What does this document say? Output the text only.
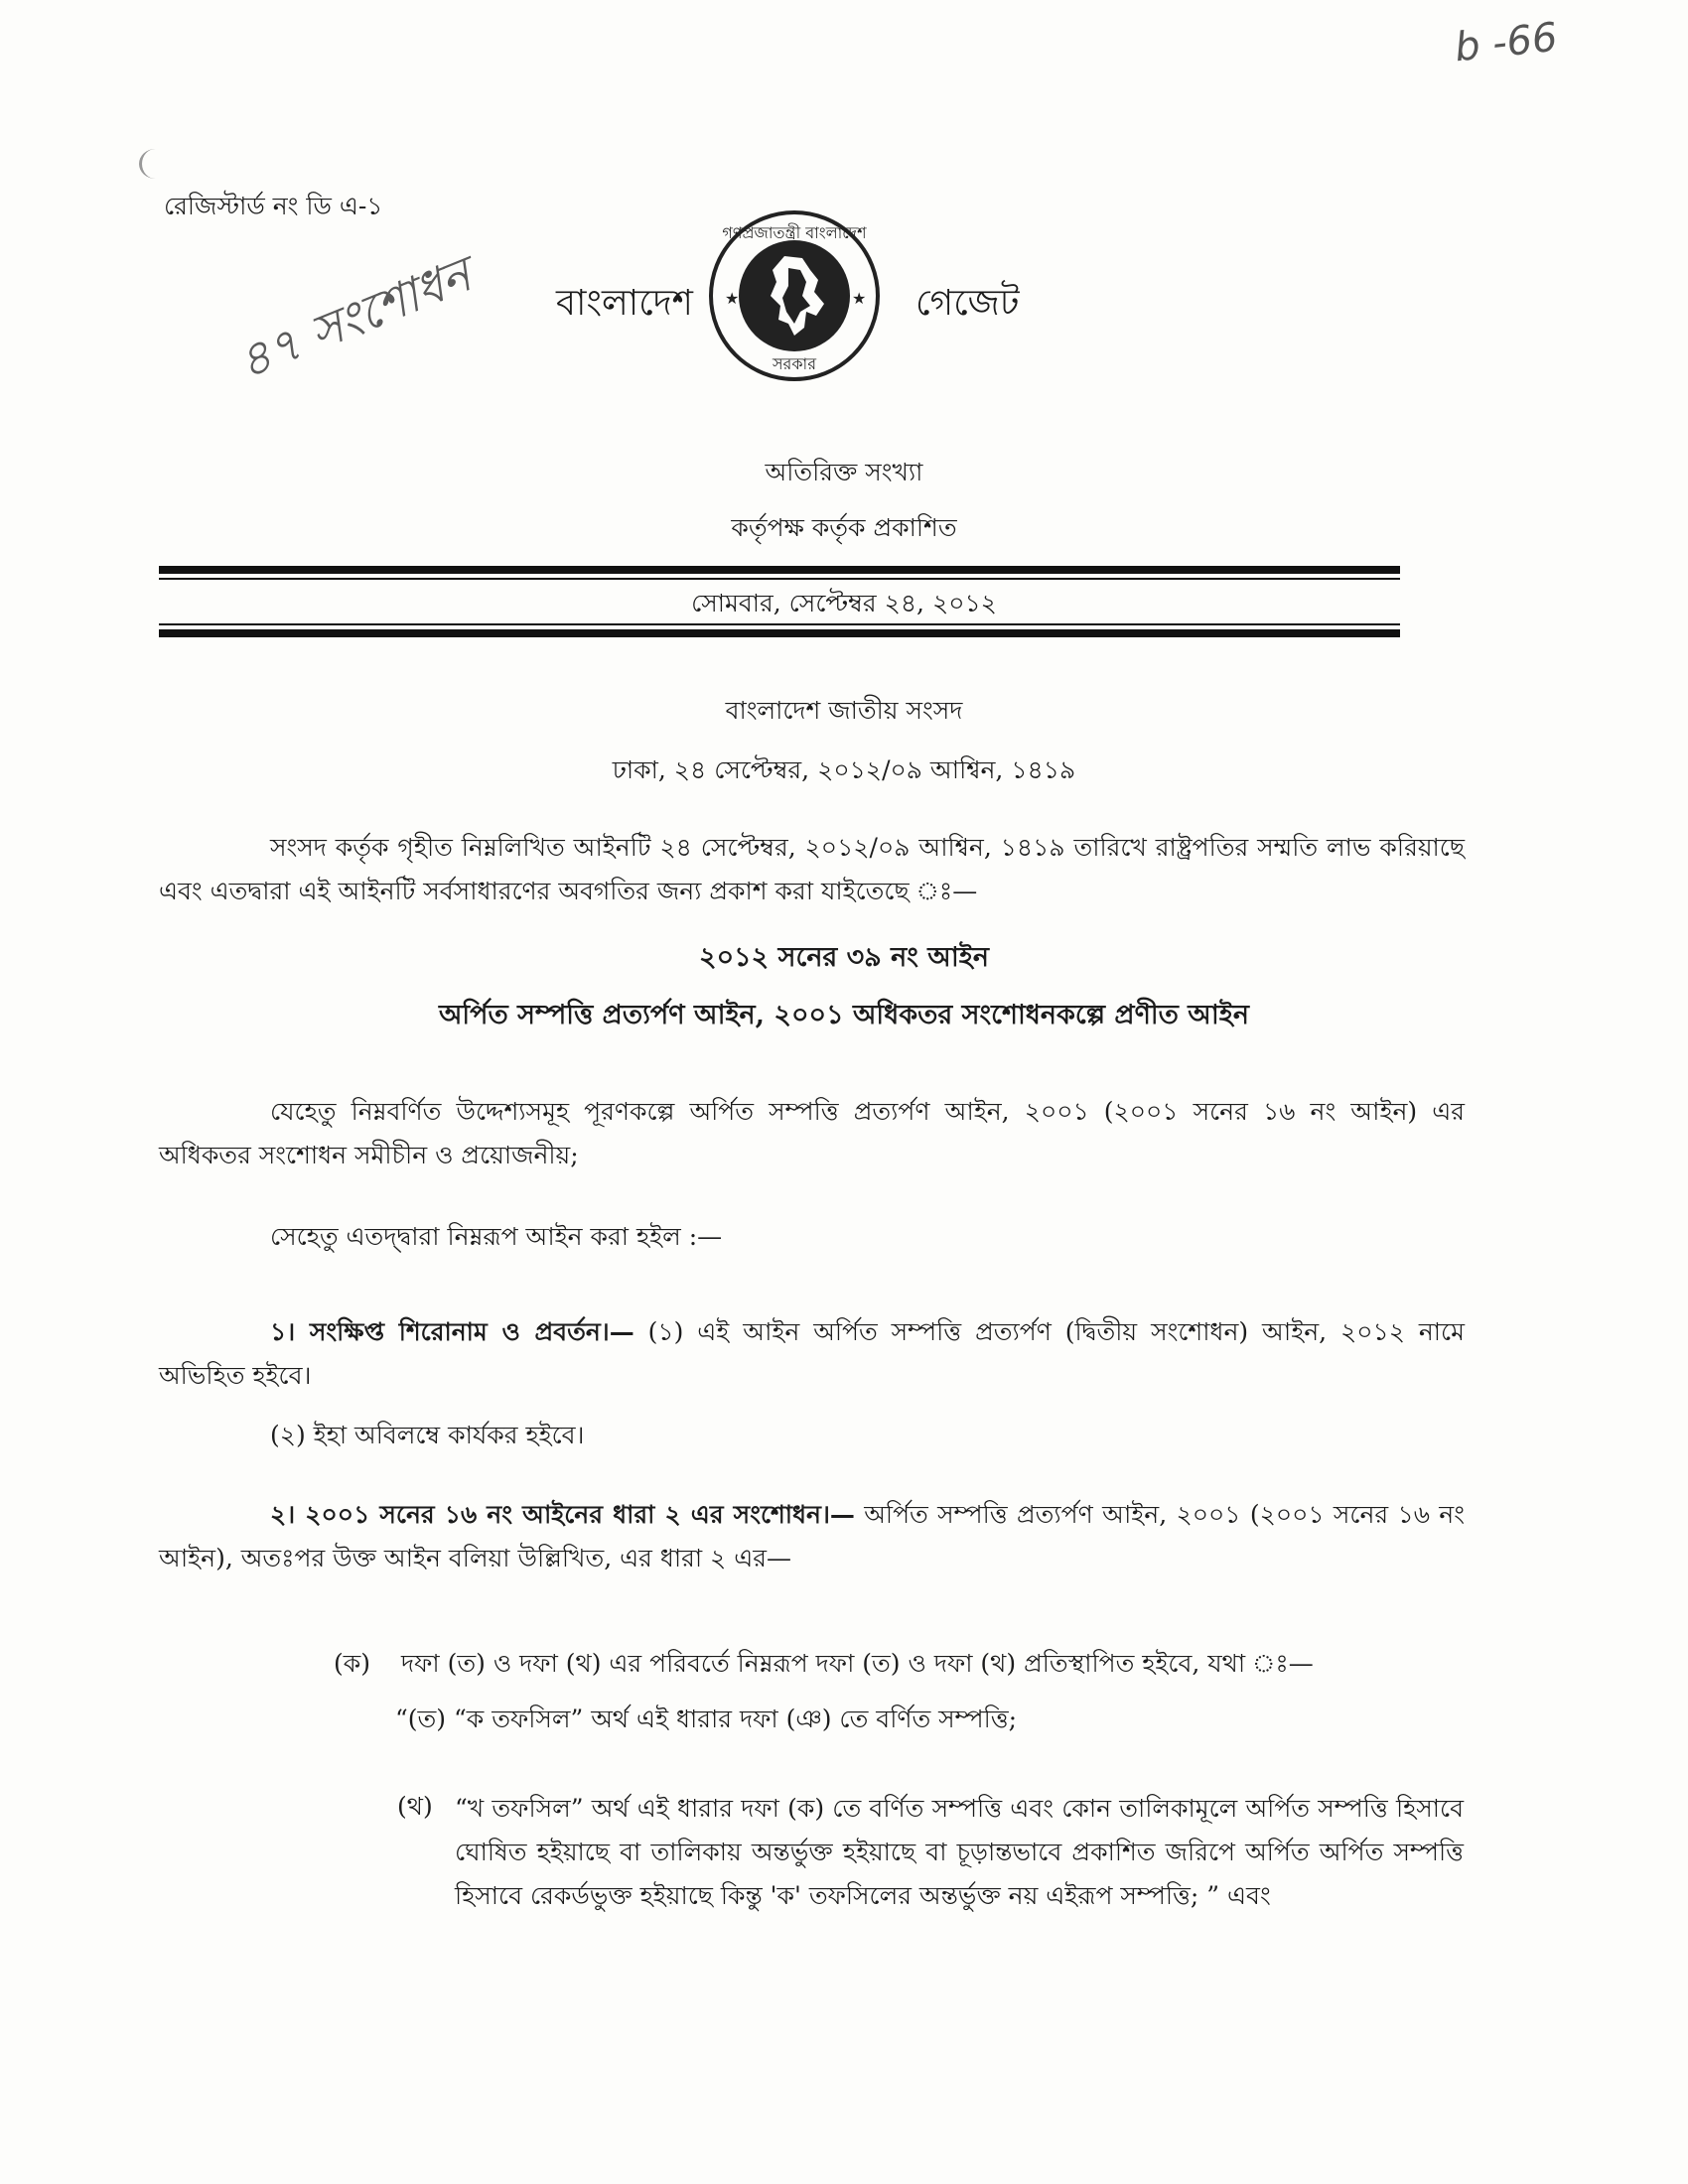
b -66
৪৭ সংশোধন
রেজিস্টার্ড নং ডি এ-১
বাংলাদেশ
গণপ্রজাতন্ত্রী বাংলাদেশ
সরকার
★	★ গেজেট
অতিরিক্ত সংখ্যা
কর্তৃপক্ষ কর্তৃক প্রকাশিত
সোমবার, সেপ্টেম্বর ২৪, ২০১২
বাংলাদেশ জাতীয় সংসদ
ঢাকা, ২৪ সেপ্টেম্বর, ২০১২/০৯ আশ্বিন, ১৪১৯
সংসদ কর্তৃক গৃহীত নিম্নলিখিত আইনটি ২৪ সেপ্টেম্বর, ২০১২/০৯ আশ্বিন, ১৪১৯ তারিখে রাষ্ট্রপতির সম্মতি লাভ করিয়াছে এবং এতদ্বারা এই আইনটি সর্বসাধারণের অবগতির জন্য প্রকাশ করা যাইতেছে ঃ—
২০১২ সনের ৩৯ নং আইন
অর্পিত সম্পত্তি প্রত্যর্পণ আইন, ২০০১ অধিকতর সংশোধনকল্পে প্রণীত আইন
যেহেতু নিম্নবর্ণিত উদ্দেশ্যসমূহ পূরণকল্পে অর্পিত সম্পত্তি প্রত্যর্পণ আইন, ২০০১ (২০০১ সনের ১৬ নং আইন) এর অধিকতর সংশোধন সমীচীন ও প্রয়োজনীয়;
সেহেতু এতদ্দ্বারা নিম্নরূপ আইন করা হইল :—
১। সংক্ষিপ্ত শিরোনাম ও প্রবর্তন।— (১) এই আইন অর্পিত সম্পত্তি প্রত্যর্পণ (দ্বিতীয় সংশোধন) আইন, ২০১২ নামে অভিহিত হইবে।
(২) ইহা অবিলম্বে কার্যকর হইবে।
২। ২০০১ সনের ১৬ নং আইনের ধারা ২ এর সংশোধন।— অর্পিত সম্পত্তি প্রত্যর্পণ আইন, ২০০১ (২০০১ সনের ১৬ নং আইন), অতঃপর উক্ত আইন বলিয়া উল্লিখিত, এর ধারা ২ এর—
(ক) দফা (ত) ও দফা (থ) এর পরিবর্তে নিম্নরূপ দফা (ত) ও দফা (থ) প্রতিস্থাপিত হইবে, যথা ঃ—
“(ত) “ক তফসিল” অর্থ এই ধারার দফা (ঞ) তে বর্ণিত সম্পত্তি;
(থ) “খ তফসিল” অর্থ এই ধারার দফা (ক) তে বর্ণিত সম্পত্তি এবং কোন তালিকামূলে অর্পিত সম্পত্তি হিসাবে ঘোষিত হইয়াছে বা তালিকায় অন্তর্ভুক্ত হইয়াছে বা চূড়ান্তভাবে প্রকাশিত জরিপে অর্পিত অর্পিত সম্পত্তি হিসাবে রেকর্ডভুক্ত হইয়াছে কিন্তু 'ক' তফসিলের অন্তর্ভুক্ত নয় এইরূপ সম্পত্তি; ” এবং
